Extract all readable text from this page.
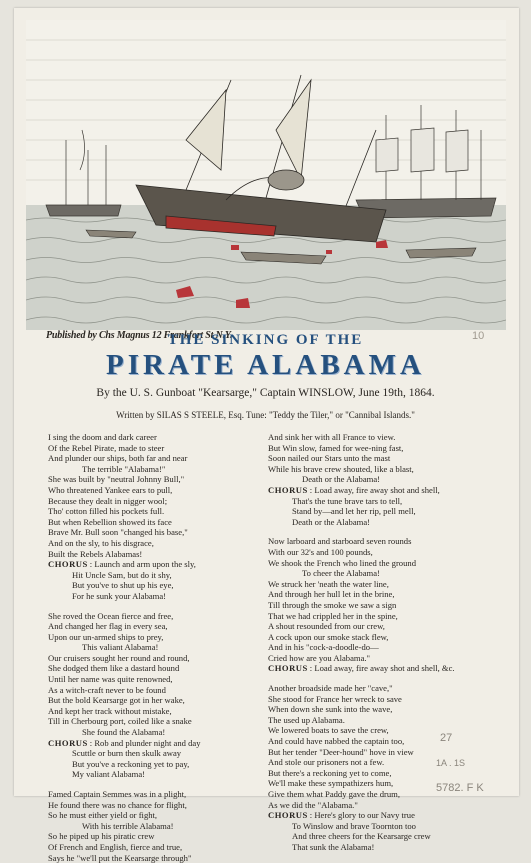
Published by Chs Magnus 12 Frankfort St N.Y.	10
THE SINKING OF THE
PIRATE ALABAMA
By the U. S. Gunboat "Kearsarge," Captain WINSLOW, June 19th, 1864.
Written by SILAS S STEELE, Esq. Tune: "Teddy the Tiler," or "Cannibal Islands."
I sing the doom and dark career
Of the Rebel Pirate, made to steer
And plunder our ships, both far and near
The terrible "Alabama!"
She was built by "neutral Johnny Bull,"
Who threatened Yankee ears to pull,
Because they dealt in nigger wool;
Tho' cotton filled his pockets full.
But when Rebellion showed its face
Brave Mr. Bull soon "changed his base,"
And on the sly, to his disgrace,
Built the Rebels Alabamas!
CHORUS : Launch and arm upon the sly,
Hit Uncle Sam, but do it shy,
But you've to shut up his eye,
For he sunk your Alabama!
She roved the Ocean fierce and free,
And changed her flag in every sea,
Upon our un-armed ships to prey,
This valiant Alabama!
Our cruisers sought her round and round,
She dodged them like a dastard hound
Until her name was quite renowned,
As a witch-craft never to be found
But the bold Kearsarge got in her wake,
And kept her track without mistake,
Till in Cherbourg port, coiled like a snake
She found the Alabama!
CHORUS : Rob and plunder night and day
Scuttle or burn then skulk away
But you've a reckoning yet to pay,
My valiant Alabama!
Famed Captain Semmes was in a plight,
He found there was no chance for flight,
So he must either yield or fight,
With his terrible Alabama!
So he piped up his piratic crew
Of French and English, fierce and true,
Says he "we'll put the Kearsarge through"
And sink her with all France to view.
But Win slow, famed for wee-ning fast,
Soon nailed our Stars unto the mast
While his brave crew shouted, like a blast,
Death or the Alabama!
CHORUS : Load away, fire away shot and shell,
That's the tune brave tars to tell,
Stand by—and let her rip, pell mell,
Death or the Alabama!
Now larboard and starboard seven rounds
With our 32's and 100 pounds,
We shook the French who lined the ground
To cheer the Alabama!
We struck her 'neath the water line,
And through her hull let in the brine,
Till through the smoke we saw a sign
That we had crippled her in the spine,
A shout resounded from our crew,
A cock upon our smoke stack flew,
And in his "cock-a-doodle-do—
Cried how are you Alabama."
CHORUS : Load away, fire away shot and shell, &c.
Another broadside made her "cave,"
She stood for France her wreck to save
When down she sunk into the wave,
The used up Alabama.
We lowered boats to save the crew,
And could have nabbed the captain too,
But her tender "Deer-hound" hove in view
And stole our prisoners not a few.
But there's a reckoning yet to come,
We'll make these sympathizers hum,
Give them what Paddy gave the drum,
As we did the "Alabama."
CHORUS : Here's glory to our Navy true
To Winslow and brave Toornton too
And three cheers for the Kearsarge crew
That sunk the Alabama!
27
1A . 1S
5782. F K
